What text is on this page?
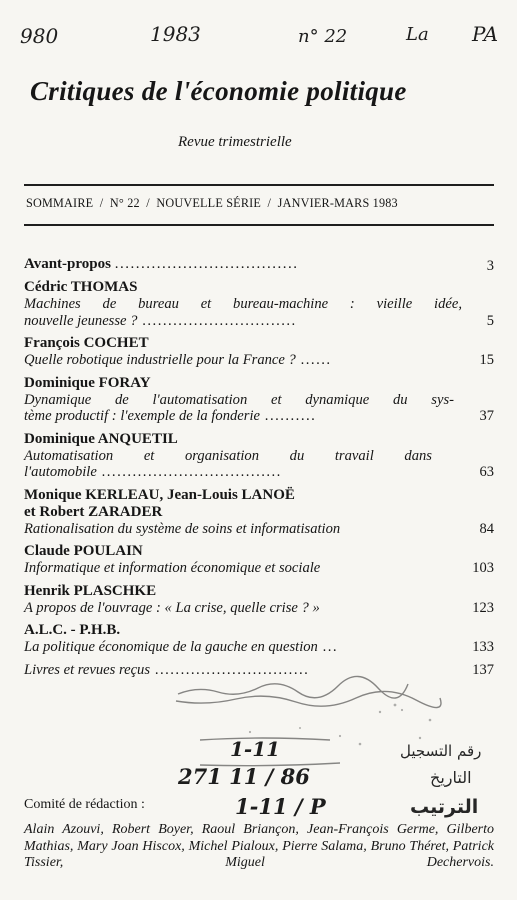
980	1983	n° 22	La PA
Critiques de l'économie politique
Revue trimestrielle
SOMMAIRE  /  N° 22  /  NOUVELLE SÉRIE  /  JANVIER-MARS 1983
Avant-propos ...................................	3
Cédric THOMAS
Machines de bureau et bureau-machine : vieille idée,
nouvelle jeunesse ? ..............................	5
François COCHET
Quelle robotique industrielle pour la France ? ......	15
Dominique FORAY
Dynamique de l'automatisation et dynamique du sys-
tème productif : l'exemple de la fonderie ..........	37
Dominique ANQUETIL
Automatisation et organisation du travail dans
l'automobile ...................................	63
Monique KERLEAU, Jean-Louis LANOË
et Robert ZARADER
Rationalisation du système de soins et informatisation	84
Claude POULAIN
Informatique et information économique et sociale	103
Henrik PLASCHKE
A propos de l'ouvrage : « La crise, quelle crise ? »	123
A.L.C. - P.H.B.
La politique économique de la gauche en question ...	133
Livres et revues reçus ..............................	137
1-11
271 11 / 86
1-11 / P
رقم التسجيل
التاريخ
الترتيب
Comité de rédaction :
Alain Azouvi, Robert Boyer, Raoul Briançon, Jean-François Germe, Gilberto Mathias, Mary Joan Hiscox, Michel Pialoux, Pierre Salama, Bruno Théret, Patrick Tissier, Miguel Dechervois.
